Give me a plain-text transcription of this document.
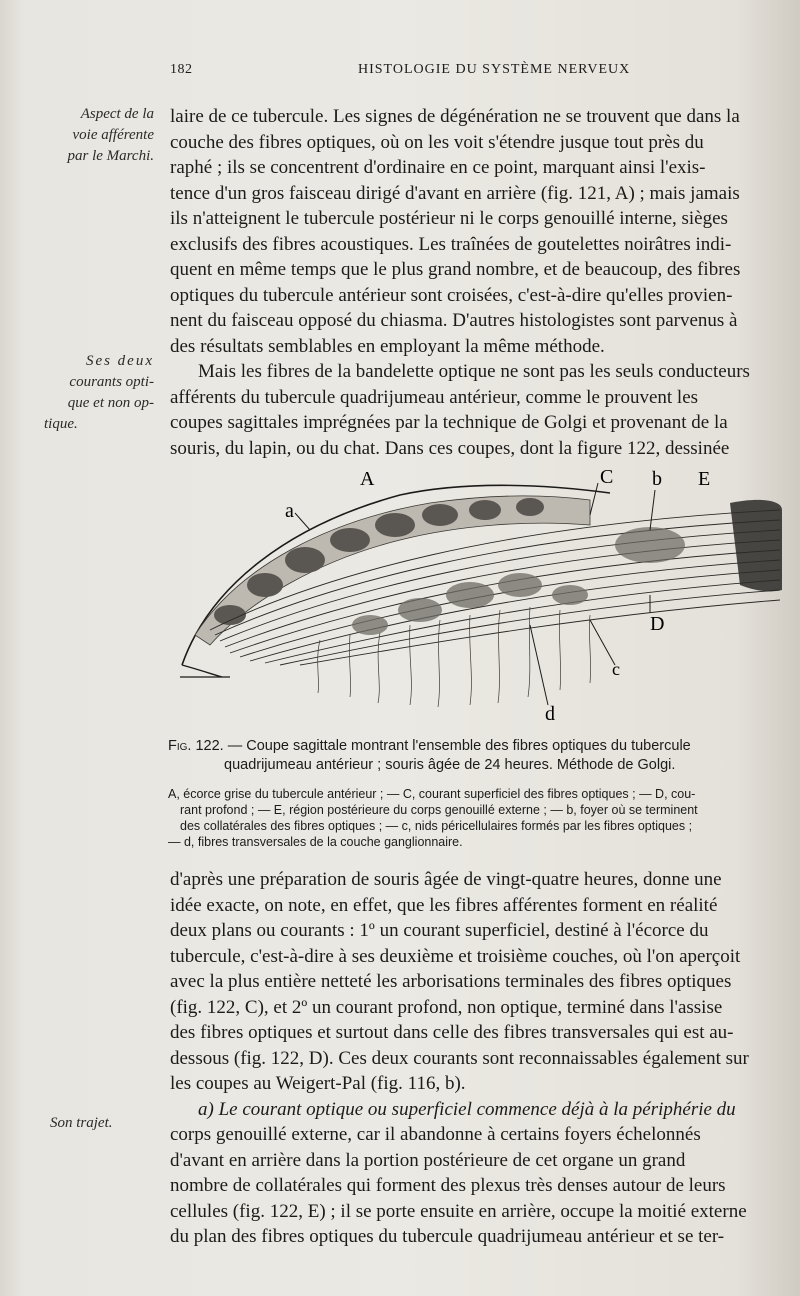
182	HISTOLOGIE DU SYSTÈME NERVEUX
Aspect de la
voie afférente
par le Marchi.
Ses deux
courants opti-
que et non op-
tique.
Son trajet.
laire de ce tubercule. Les signes de dégénération ne se trouvent que dans la
couche des fibres optiques, où on les voit s'étendre jusque tout près du
raphé ; ils se concentrent d'ordinaire en ce point, marquant ainsi l'exis-
tence d'un gros faisceau dirigé d'avant en arrière (fig. 121, A) ; mais jamais
ils n'atteignent le tubercule postérieur ni le corps genouillé interne, sièges
exclusifs des fibres acoustiques. Les traînées de goutelettes noirâtres indi-
quent en même temps que le plus grand nombre, et de beaucoup, des fibres
optiques du tubercule antérieur sont croisées, c'est-à-dire qu'elles provien-
nent du faisceau opposé du chiasma. D'autres histologistes sont parvenus à
des résultats semblables en employant la même méthode.
Mais les fibres de la bandelette optique ne sont pas les seuls conducteurs
afférents du tubercule quadrijumeau antérieur, comme le prouvent les
coupes sagittales imprégnées par la technique de Golgi et provenant de la
souris, du lapin, ou du chat. Dans ces coupes, dont la figure 122, dessinée
A
a
C b E
D
c
d
Fig. 122. — Coupe sagittale montrant l'ensemble des fibres optiques du tubercule
quadrijumeau antérieur ; souris âgée de 24 heures. Méthode de Golgi.
A, écorce grise du tubercule antérieur ; — C, courant superficiel des fibres optiques ; — D, cou-
rant profond ; — E, région postérieure du corps genouillé externe ; — b, foyer où se terminent
des collatérales des fibres optiques ; — c, nids péricellulaires formés par les fibres optiques ;
— d, fibres transversales de la couche ganglionnaire.
d'après une préparation de souris âgée de vingt-quatre heures, donne une
idée exacte, on note, en effet, que les fibres afférentes forment en réalité
deux plans ou courants : 1º un courant superficiel, destiné à l'écorce du
tubercule, c'est-à-dire à ses deuxième et troisième couches, où l'on aperçoit
avec la plus entière netteté les arborisations terminales des fibres optiques
(fig. 122, C), et 2º un courant profond, non optique, terminé dans l'assise
des fibres optiques et surtout dans celle des fibres transversales qui est au-
dessous (fig. 122, D). Ces deux courants sont reconnaissables également sur
les coupes au Weigert-Pal (fig. 116, b).
a) Le courant optique ou superficiel commence déjà à la périphérie du
corps genouillé externe, car il abandonne à certains foyers échelonnés
d'avant en arrière dans la portion postérieure de cet organe un grand
nombre de collatérales qui forment des plexus très denses autour de leurs
cellules (fig. 122, E) ; il se porte ensuite en arrière, occupe la moitié externe
du plan des fibres optiques du tubercule quadrijumeau antérieur et se ter-
